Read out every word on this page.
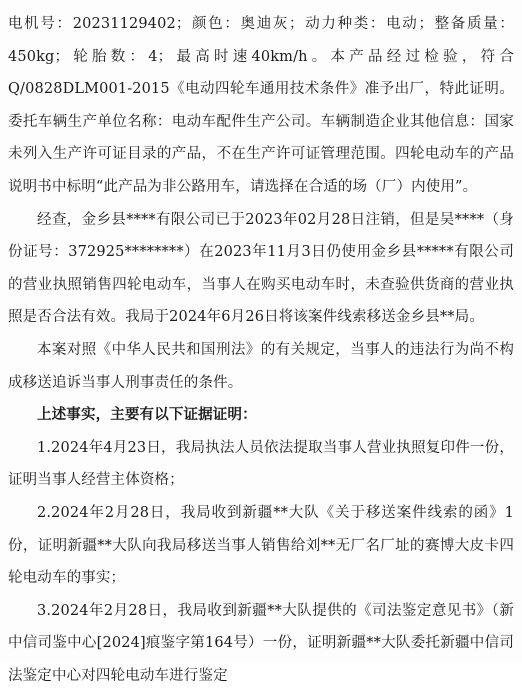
电机号：20231129402；颜色：奥迪灰；动力种类：电动；整备质量：450kg；轮胎数：4；最高时速40km/h。本产品经过检验，符合Q/0828DLM001-2015《电动四轮车通用技术条件》准予出厂，特此证明。委托车辆生产单位名称：电动车配件生产公司。车辆制造企业其他信息：国家未列入生产许可证目录的产品，不在生产许可证管理范围。四轮电动车的产品说明书中标明“此产品为非公路用车，请选择在合适的场（厂）内使用”。

经查，金乡县****有限公司已于2023年02月28日注销，但是吴****（身份证号：372925********）在2023年11月3日仍使用金乡县*****有限公司的营业执照销售四轮电动车，当事人在购买电动车时，未查验供货商的营业执照是否合法有效。我局于2024年6月26日将该案件线索移送金乡县**局。

本案对照《中华人民共和国刑法》的有关规定，当事人的违法行为尚不构成移送追诉当事人刑事责任的条件。

上述事实，主要有以下证据证明：

1.2024年4月23日，我局执法人员依法提取当事人营业执照复印件一份，证明当事人经营主体资格；

2.2024年2月28日，我局收到新疆**大队《关于移送案件线索的函》1份，证明新疆**大队向我局移送当事人销售给刘**无厂名厂址的赛博大皮卡四轮电动车的事实；

3.2024年2月28日，我局收到新疆**大队提供的《司法鉴定意见书》（新中信司鉴中心[2024]痕鉴字第164号）一份，证明新疆**大队委托新疆中信司法鉴定中心对四轮电动车进行鉴定
